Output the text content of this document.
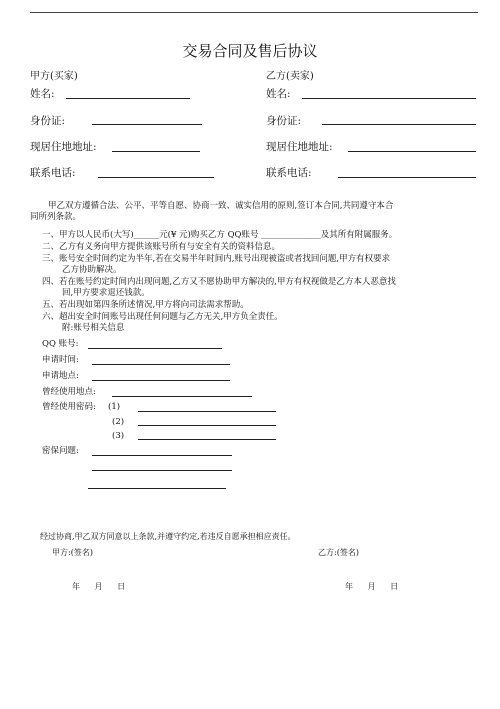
交易合同及售后协议
甲方(买家)	乙方(卖家)
姓名:	姓名:
身份证:	身份证:
现居住地地址:	现居住地地址:
联系电话:	联系电话:
甲乙双方遵循合法、公平、平等自愿、协商一致、诚实信用的原则,签订本合同,共同遵守本合
同所列条款。
一、甲方以人民币(大写)______元(¥ 元)购买乙方 QQ账号 ______________及其所有附属服务。
二、乙方有义务向甲方提供该账号所有与安全有关的资料信息。
三、账号安全时间约定为半年,若在交易半年时间内,账号出现被盗或者找回问题,甲方有权要求
乙方协助解决。
四、若在账号约定时间内出现问题,乙方又不愿协助甲方解决的,甲方有权视做是乙方本人恶意找
回,甲方要求退还钱款。
五、若出现如第四条所述情况,甲方将向司法需求帮助。
六、超出安全时间账号出现任何问题与乙方无关,甲方负全责任。
附:账号相关信息
QQ 账号:
申请时间:
申请地点:
曾经使用地点:
曾经使用密码: (1)
(2)
(3)
密保问题:
经过协商,甲乙双方同意以上条款,并遵守约定,若违反自愿承担相应责任。
甲方:(签名)	乙方:(签名)
年 月 日	年 月 日
